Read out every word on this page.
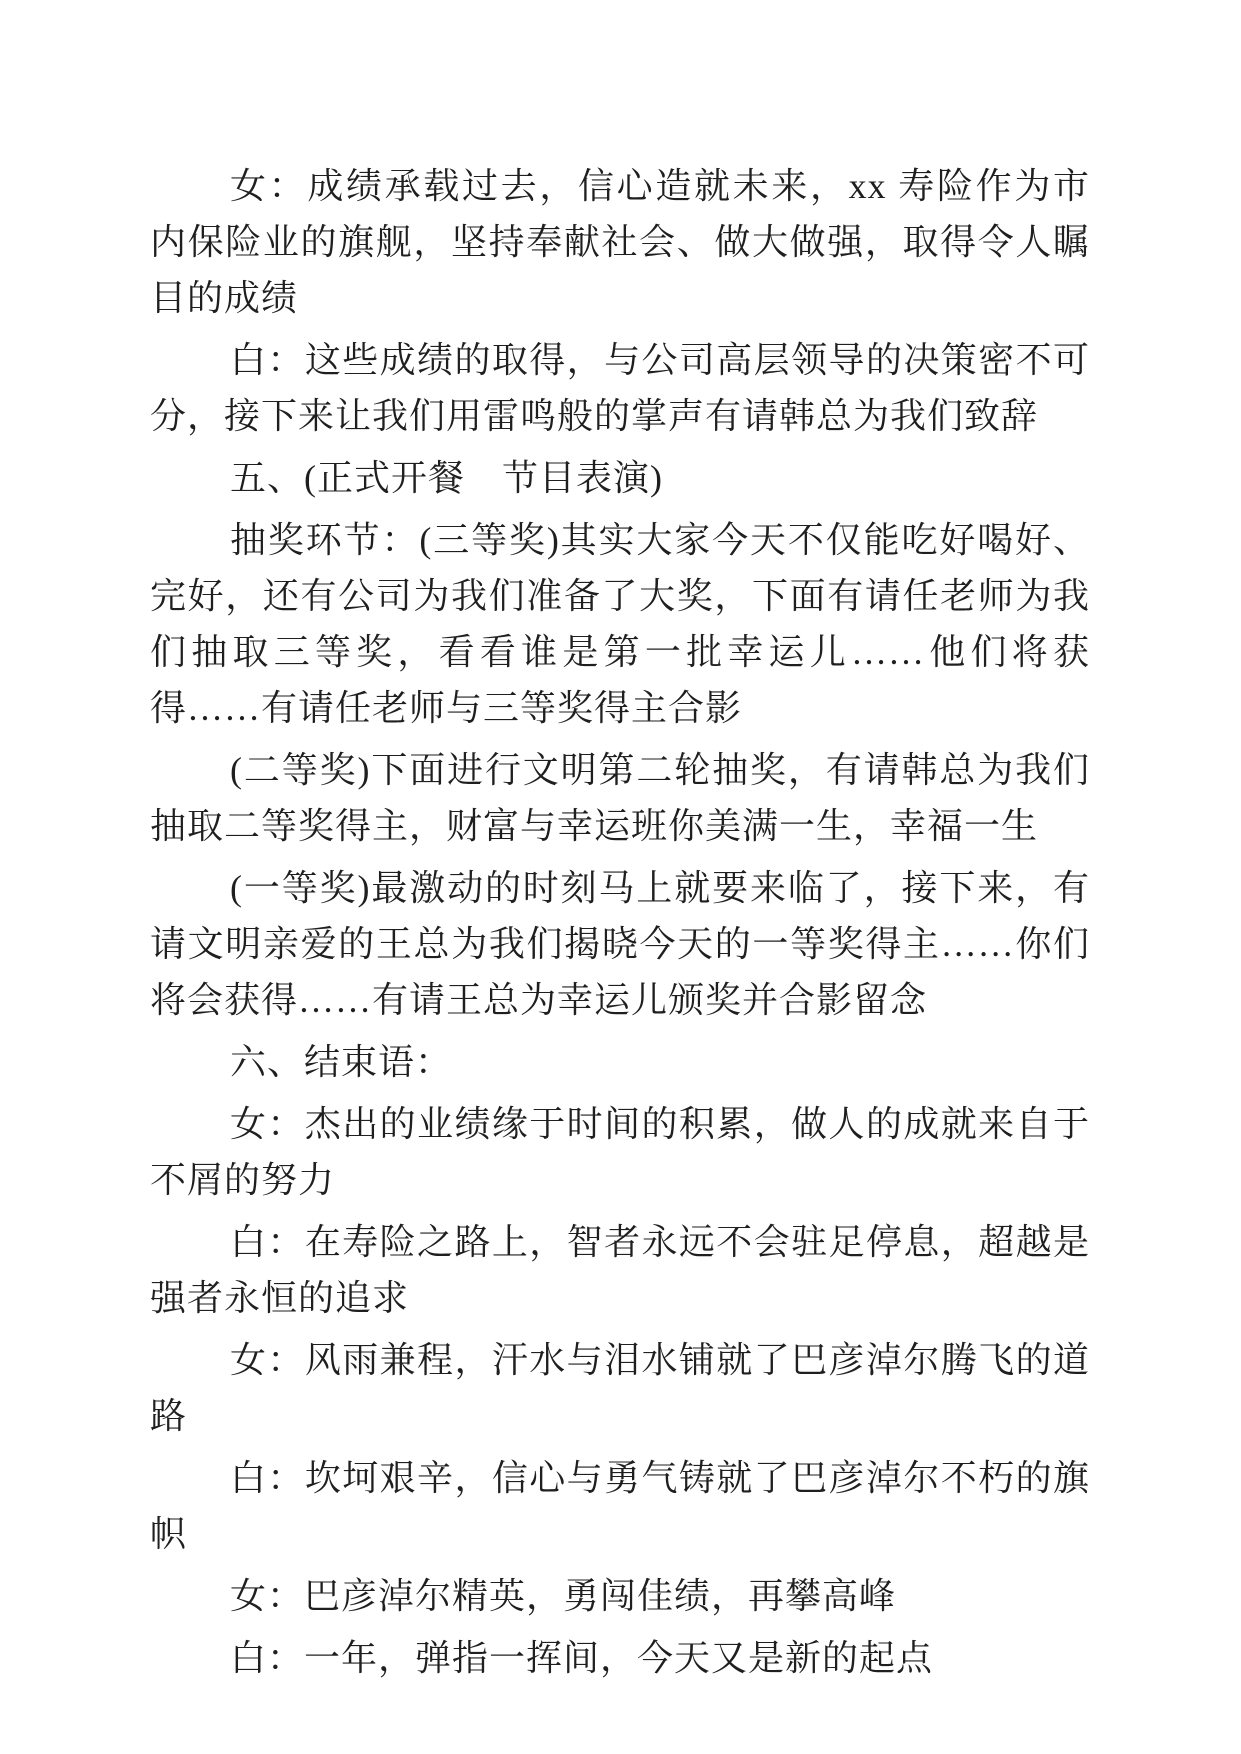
女：成绩承载过去，信心造就未来，xx 寿险作为市内保险业的旗舰，坚持奉献社会、做大做强，取得令人瞩目的成绩

白：这些成绩的取得，与公司高层领导的决策密不可分，接下来让我们用雷鸣般的掌声有请韩总为我们致辞

五、(正式开餐　节目表演)

抽奖环节：(三等奖)其实大家今天不仅能吃好喝好、完好，还有公司为我们准备了大奖，下面有请任老师为我们抽取三等奖，看看谁是第一批幸运儿……他们将获得……有请任老师与三等奖得主合影

(二等奖)下面进行文明第二轮抽奖，有请韩总为我们抽取二等奖得主，财富与幸运班你美满一生，幸福一生

(一等奖)最激动的时刻马上就要来临了，接下来，有请文明亲爱的王总为我们揭晓今天的一等奖得主……你们将会获得……有请王总为幸运儿颁奖并合影留念

六、结束语：

女：杰出的业绩缘于时间的积累，做人的成就来自于不屑的努力

白：在寿险之路上，智者永远不会驻足停息，超越是强者永恒的追求

女：风雨兼程，汗水与泪水铺就了巴彦淖尔腾飞的道路

白：坎坷艰辛，信心与勇气铸就了巴彦淖尔不朽的旗帜

女：巴彦淖尔精英，勇闯佳绩，再攀高峰

白：一年，弹指一挥间，今天又是新的起点
